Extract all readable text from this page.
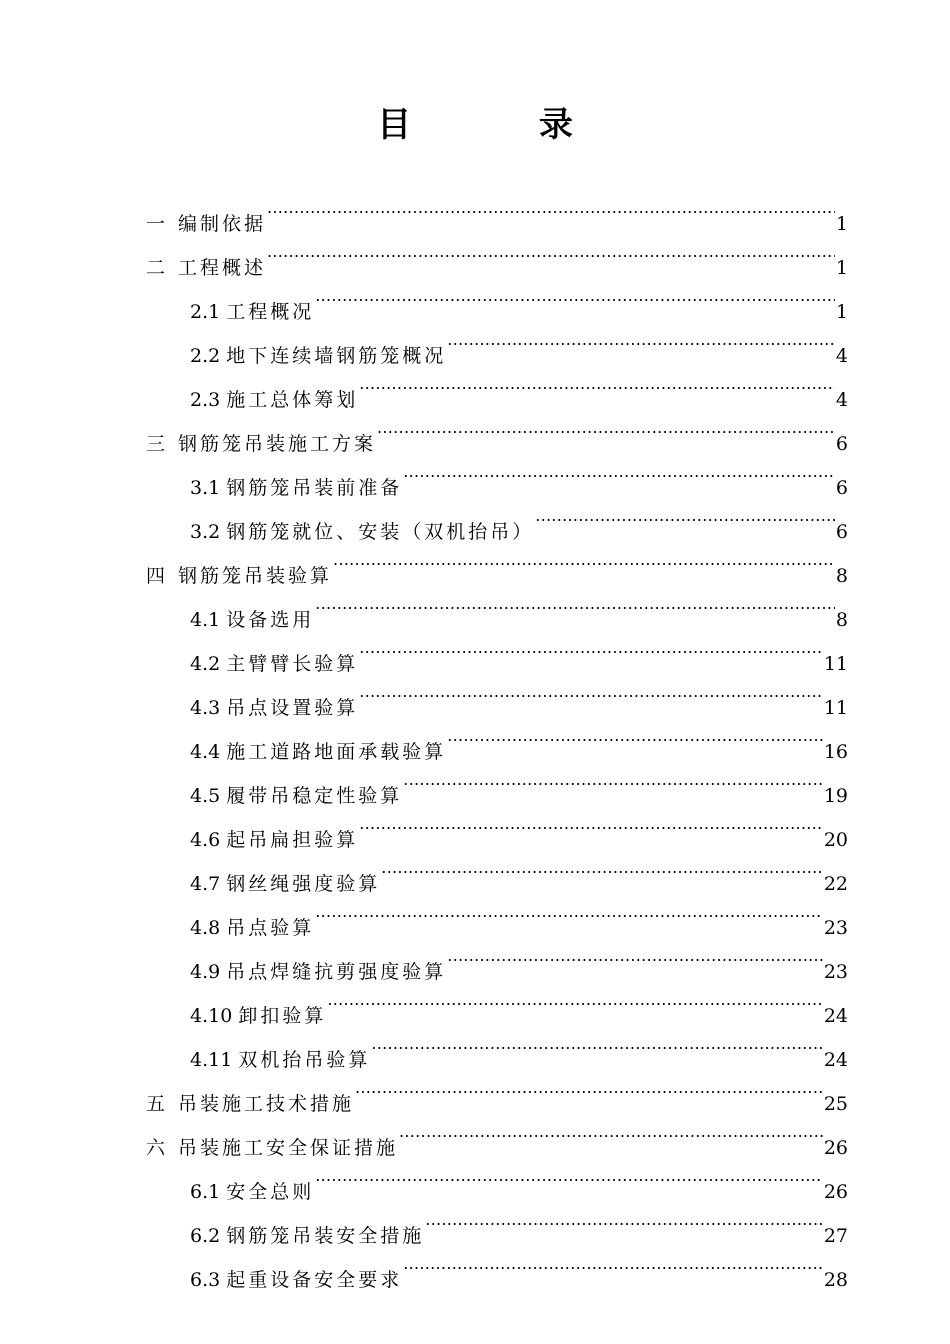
目 录
一 编制依据 .....	1
二 工程概述 .....	1
2.1 工程概况 .....	1
2.2 地下连续墙钢筋笼概况 .....	4
2.3 施工总体筹划 .....	4
三 钢筋笼吊装施工方案 .....	6
3.1 钢筋笼吊装前准备 .....	6
3.2 钢筋笼就位、安装（双机抬吊） .....	6
四 钢筋笼吊装验算 .....	8
4.1 设备选用 .....	8
4.2 主臂臂长验算 .....	11
4.3 吊点设置验算 .....	11
4.4 施工道路地面承载验算 .....	16
4.5 履带吊稳定性验算 .....	19
4.6 起吊扁担验算 .....	20
4.7 钢丝绳强度验算 .....	22
4.8 吊点验算 .....	23
4.9 吊点焊缝抗剪强度验算 .....	23
4.10 卸扣验算 .....	24
4.11 双机抬吊验算 .....	24
五 吊装施工技术措施 .....	25
六 吊装施工安全保证措施 .....	26
6.1 安全总则 .....	26
6.2 钢筋笼吊装安全措施 .....	27
6.3 起重设备安全要求 .....	28
